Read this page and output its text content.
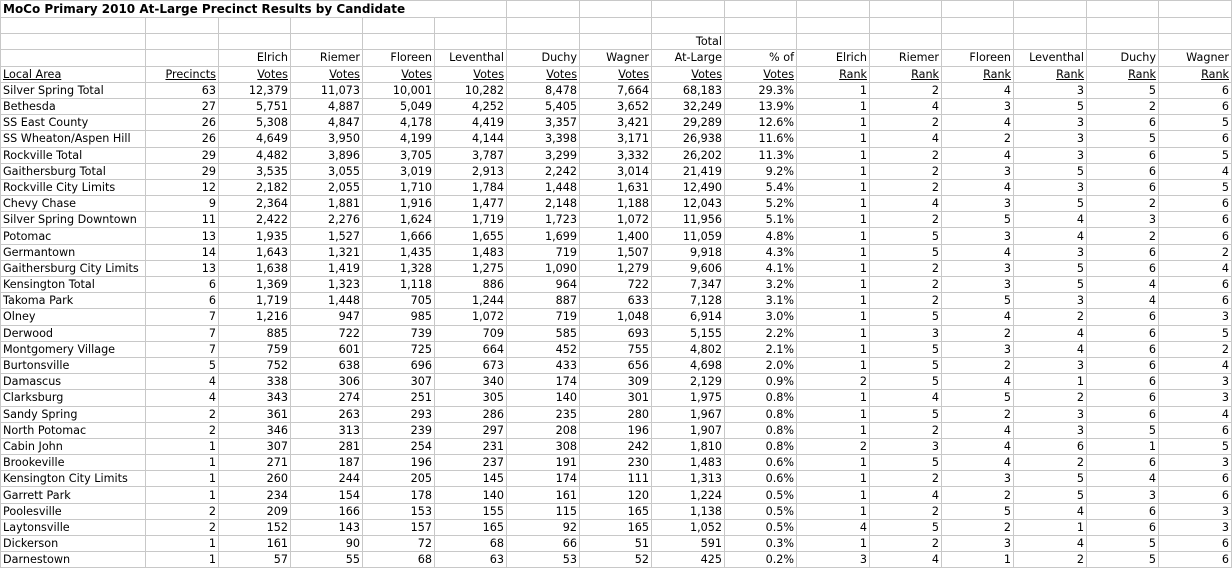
MoCo Primary 2010 At-Large Precinct Results by Candidate															

								Total							
		Elrich	Riemer	Floreen	Leventhal	Duchy	Wagner	At-Large	% of	Elrich	Riemer	Floreen	Leventhal	Duchy	Wagner
Local Area	Precincts	Votes	Votes	Votes	Votes	Votes	Votes	Votes	Votes	Rank	Rank	Rank	Rank	Rank	Rank
Silver Spring Total	63	12,379	11,073	10,001	10,282	8,478	7,664	68,183	29.3%	1	2	4	3	5	6
Bethesda	27	5,751	4,887	5,049	4,252	5,405	3,652	32,249	13.9%	1	4	3	5	2	6
SS East County	26	5,308	4,847	4,178	4,419	3,357	3,421	29,289	12.6%	1	2	4	3	6	5
SS Wheaton/Aspen Hill	26	4,649	3,950	4,199	4,144	3,398	3,171	26,938	11.6%	1	4	2	3	5	6
Rockville Total	29	4,482	3,896	3,705	3,787	3,299	3,332	26,202	11.3%	1	2	4	3	6	5
Gaithersburg Total	29	3,535	3,055	3,019	2,913	2,242	3,014	21,419	9.2%	1	2	3	5	6	4
Rockville City Limits	12	2,182	2,055	1,710	1,784	1,448	1,631	12,490	5.4%	1	2	4	3	6	5
Chevy Chase	9	2,364	1,881	1,916	1,477	2,148	1,188	12,043	5.2%	1	4	3	5	2	6
Silver Spring Downtown	11	2,422	2,276	1,624	1,719	1,723	1,072	11,956	5.1%	1	2	5	4	3	6
Potomac	13	1,935	1,527	1,666	1,655	1,699	1,400	11,059	4.8%	1	5	3	4	2	6
Germantown	14	1,643	1,321	1,435	1,483	719	1,507	9,918	4.3%	1	5	4	3	6	2
Gaithersburg City Limits	13	1,638	1,419	1,328	1,275	1,090	1,279	9,606	4.1%	1	2	3	5	6	4
Kensington Total	6	1,369	1,323	1,118	886	964	722	7,347	3.2%	1	2	3	5	4	6
Takoma Park	6	1,719	1,448	705	1,244	887	633	7,128	3.1%	1	2	5	3	4	6
Olney	7	1,216	947	985	1,072	719	1,048	6,914	3.0%	1	5	4	2	6	3
Derwood	7	885	722	739	709	585	693	5,155	2.2%	1	3	2	4	6	5
Montgomery Village	7	759	601	725	664	452	755	4,802	2.1%	1	5	3	4	6	2
Burtonsville	5	752	638	696	673	433	656	4,698	2.0%	1	5	2	3	6	4
Damascus	4	338	306	307	340	174	309	2,129	0.9%	2	5	4	1	6	3
Clarksburg	4	343	274	251	305	140	301	1,975	0.8%	1	4	5	2	6	3
Sandy Spring	2	361	263	293	286	235	280	1,967	0.8%	1	5	2	3	6	4
North Potomac	2	346	313	239	297	208	196	1,907	0.8%	1	2	4	3	5	6
Cabin John	1	307	281	254	231	308	242	1,810	0.8%	2	3	4	6	1	5
Brookeville	1	271	187	196	237	191	230	1,483	0.6%	1	5	4	2	6	3
Kensington City Limits	1	260	244	205	145	174	111	1,313	0.6%	1	2	3	5	4	6
Garrett Park	1	234	154	178	140	161	120	1,224	0.5%	1	4	2	5	3	6
Poolesville	2	209	166	153	155	115	165	1,138	0.5%	1	2	5	4	6	3
Laytonsville	2	152	143	157	165	92	165	1,052	0.5%	4	5	2	1	6	3
Dickerson	1	161	90	72	68	66	51	591	0.3%	1	2	3	4	5	6
Darnestown	1	57	55	68	63	53	52	425	0.2%	3	4	1	2	5	6
